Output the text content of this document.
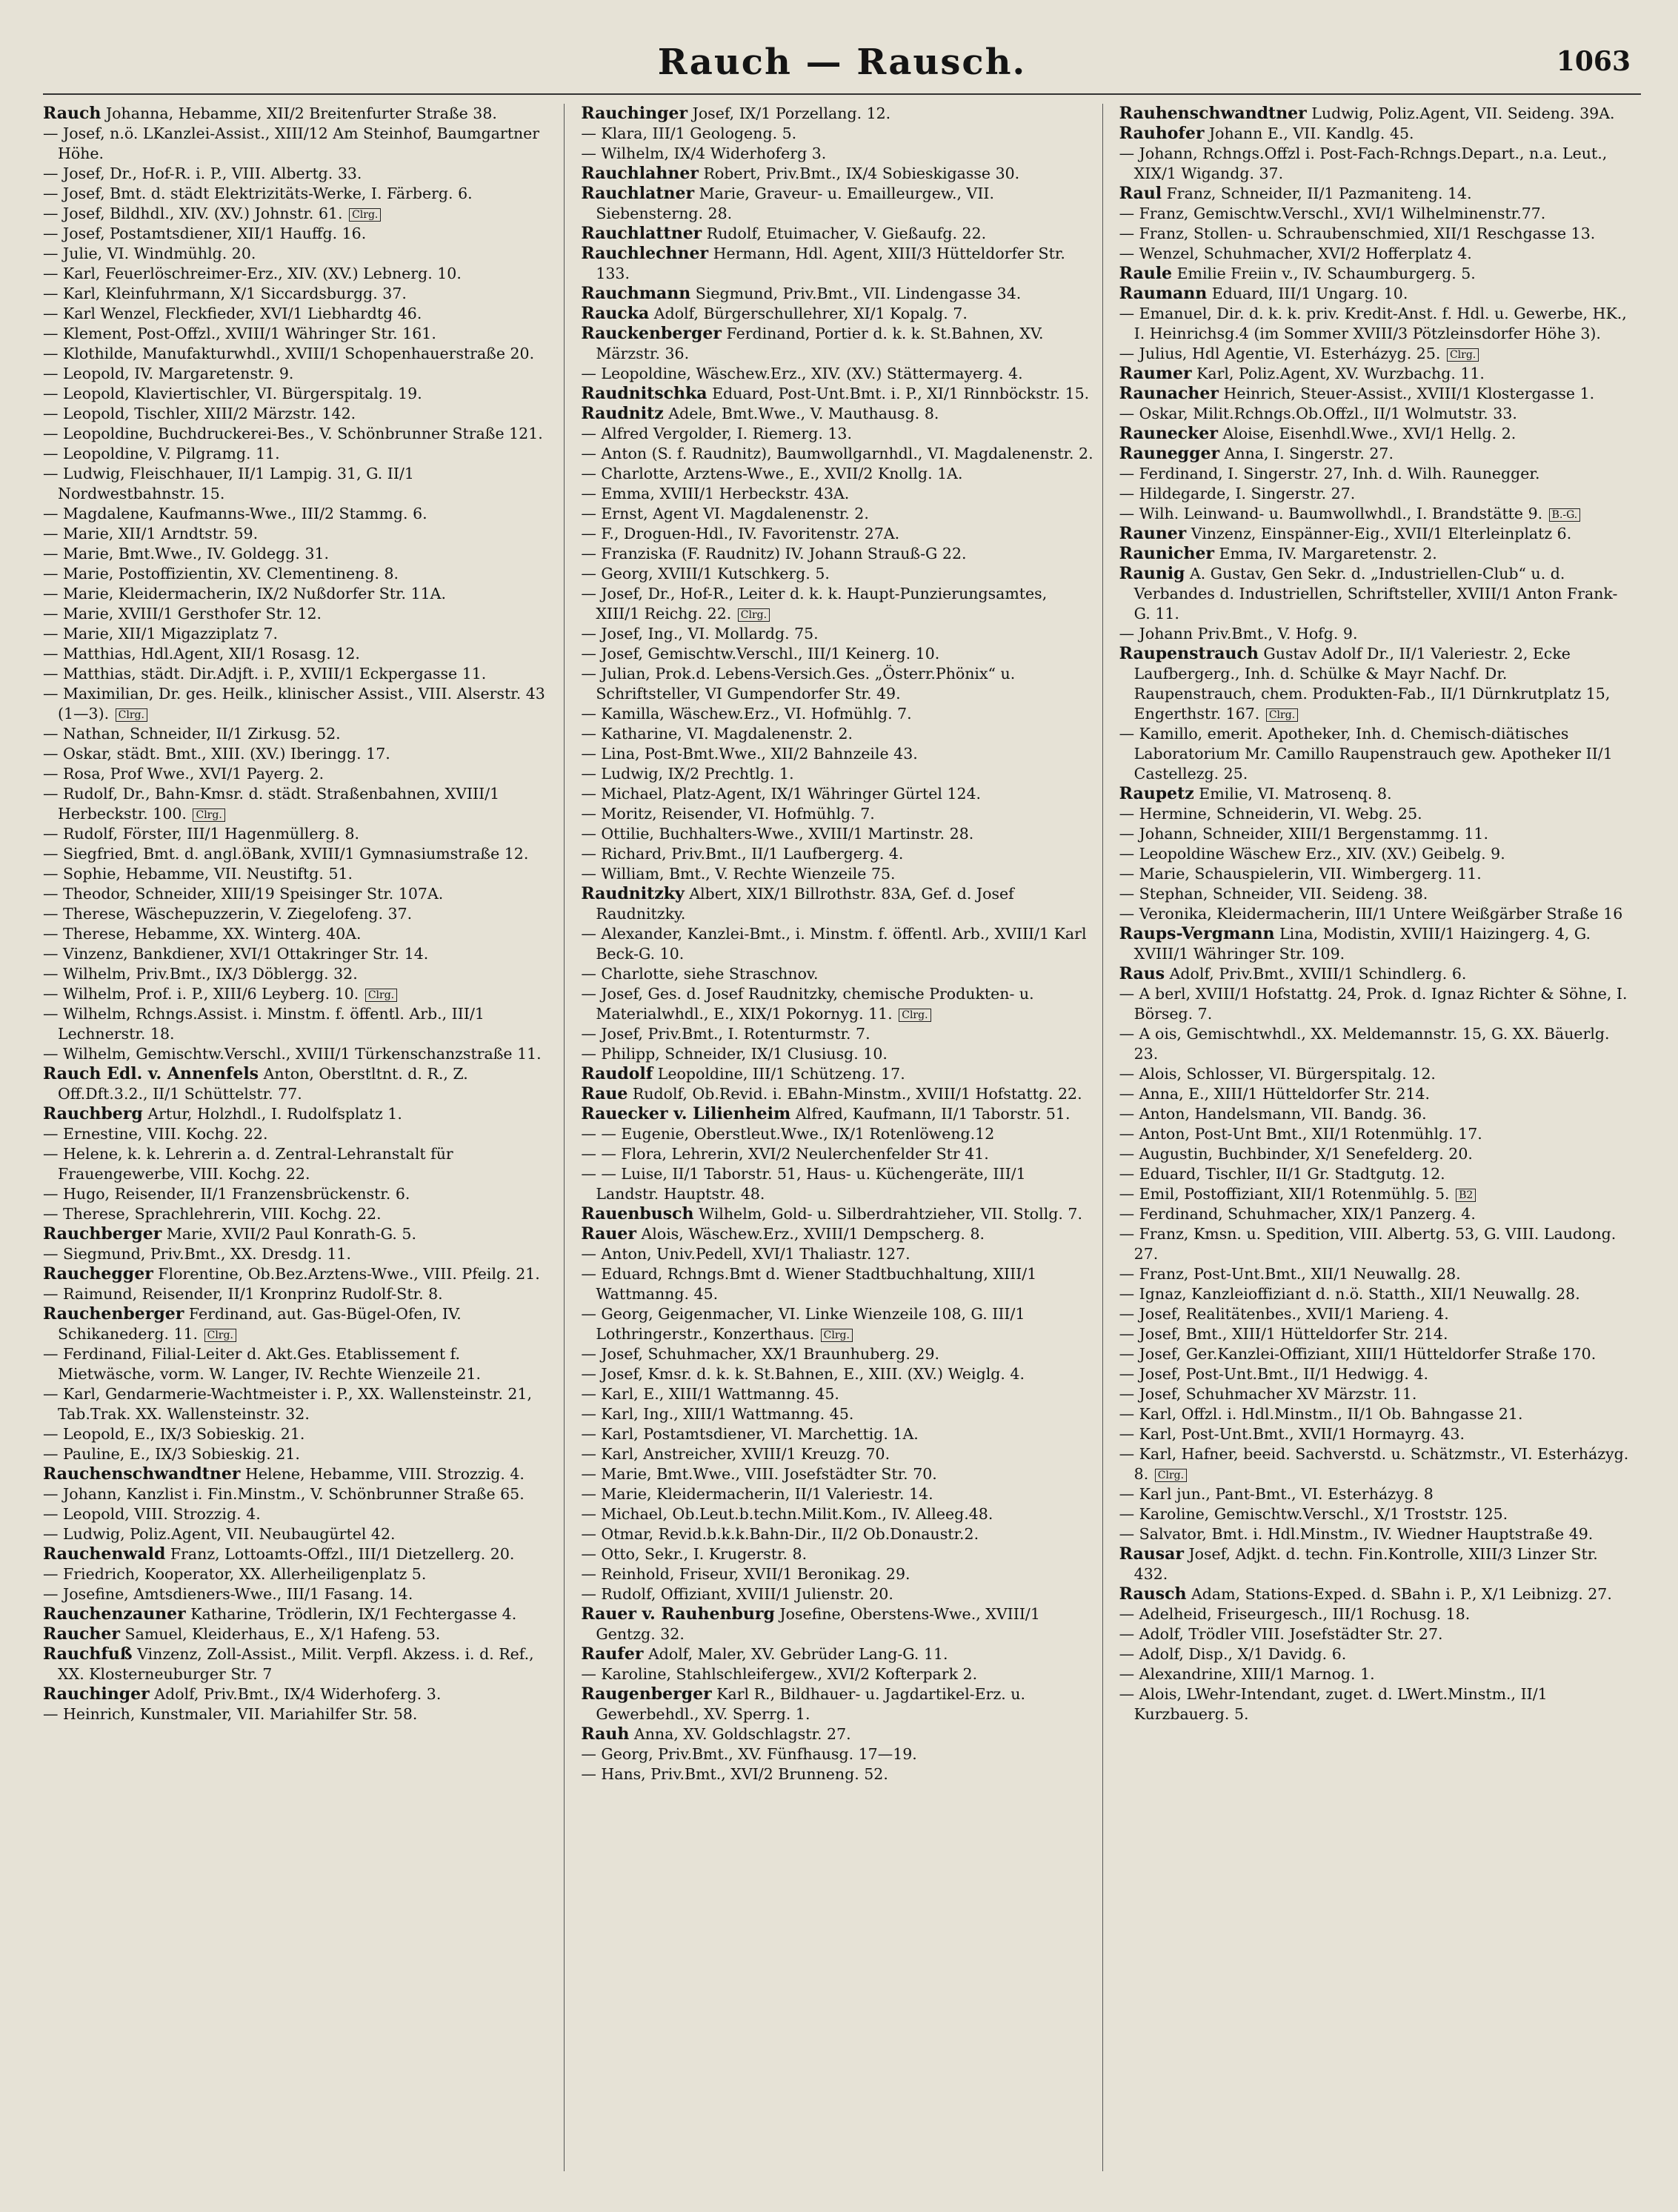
Rauch — Rausch.	1063
Rauch Johanna, Hebamme, XII/2 Breitenfurter Straße 38.
— Josef, n.ö. LKanzlei-Assist., XIII/12 Am Steinhof, Baumgartner Höhe.
— Josef, Dr., Hof-R. i. P., VIII. Albertg. 33.
— Josef, Bmt. d. städt Elektrizitäts-Werke, I. Färberg. 6.
— Josef, Bildhdl., XIV. (XV.) Johnstr. 61. Clrg.
— Josef, Postamtsdiener, XII/1 Hauffg. 16.
— Julie, VI. Windmühlg. 20.
— Karl, Feuerlöschreimer-Erz., XIV. (XV.) Lebnerg. 10.
— Karl, Kleinfuhrmann, X/1 Siccardsburgg. 37.
— Karl Wenzel, Fleckfieder, XVI/1 Liebhardtg 46.
— Klement, Post-Offzl., XVIII/1 Währinger Str. 161.
— Klothilde, Manufakturwhdl., XVIII/1 Schopenhauerstraße 20.
— Leopold, IV. Margaretenstr. 9.
— Leopold, Klaviertischler, VI. Bürgerspitalg. 19.
— Leopold, Tischler, XIII/2 Märzstr. 142.
— Leopoldine, Buchdruckerei-Bes., V. Schönbrunner Straße 121.
— Leopoldine, V. Pilgramg. 11.
— Ludwig, Fleischhauer, II/1 Lampig. 31, G. II/1 Nordwestbahnstr. 15.
— Magdalene, Kaufmanns-Wwe., III/2 Stammg. 6.
— Marie, XII/1 Arndtstr. 59.
— Marie, Bmt.Wwe., IV. Goldegg. 31.
— Marie, Postoffizientin, XV. Clementineng. 8.
— Marie, Kleidermacherin, IX/2 Nußdorfer Str. 11A.
— Marie, XVIII/1 Gersthofer Str. 12.
— Marie, XII/1 Migazziplatz 7.
— Matthias, Hdl.Agent, XII/1 Rosasg. 12.
— Matthias, städt. Dir.Adjft. i. P., XVIII/1 Eckpergasse 11.
— Maximilian, Dr. ges. Heilk., klinischer Assist., VIII. Alserstr. 43 (1—3). Clrg.
— Nathan, Schneider, II/1 Zirkusg. 52.
— Oskar, städt. Bmt., XIII. (XV.) Iberingg. 17.
— Rosa, Prof Wwe., XVI/1 Payerg. 2.
— Rudolf, Dr., Bahn-Kmsr. d. städt. Straßenbahnen, XVIII/1 Herbeckstr. 100. Clrg.
— Rudolf, Förster, III/1 Hagenmüllerg. 8.
— Siegfried, Bmt. d. angl.öBank, XVIII/1 Gymnasiumstraße 12.
— Sophie, Hebamme, VII. Neustiftg. 51.
— Theodor, Schneider, XIII/19 Speisinger Str. 107A.
— Therese, Wäschepuzzerin, V. Ziegelofeng. 37.
— Therese, Hebamme, XX. Winterg. 40A.
— Vinzenz, Bankdiener, XVI/1 Ottakringer Str. 14.
— Wilhelm, Priv.Bmt., IX/3 Döblergg. 32.
— Wilhelm, Prof. i. P., XIII/6 Leyberg. 10. Clrg.
— Wilhelm, Rchngs.Assist. i. Minstm. f. öffentl. Arb., III/1 Lechnerstr. 18.
— Wilhelm, Gemischtw.Verschl., XVIII/1 Türkenschanzstraße 11.
Rauch Edl. v. Annenfels Anton, Oberstltnt. d. R., Z. Off.Dft.3.2., II/1 Schüttelstr. 77.
Rauchberg Artur, Holzhdl., I. Rudolfsplatz 1.
— Ernestine, VIII. Kochg. 22.
— Helene, k. k. Lehrerin a. d. Zentral-Lehranstalt für Frauengewerbe, VIII. Kochg. 22.
— Hugo, Reisender, II/1 Franzensbrückenstr. 6.
— Therese, Sprachlehrerin, VIII. Kochg. 22.
Rauchberger Marie, XVII/2 Paul Konrath-G. 5.
— Siegmund, Priv.Bmt., XX. Dresdg. 11.
Rauchegger Florentine, Ob.Bez.Arztens-Wwe., VIII. Pfeilg. 21.
— Raimund, Reisender, II/1 Kronprinz Rudolf-Str. 8.
Rauchenberger Ferdinand, aut. Gas-Bügel-Ofen, IV. Schikanederg. 11. Clrg.
— Ferdinand, Filial-Leiter d. Akt.Ges. Etablissement f. Mietwäsche, vorm. W. Langer, IV. Rechte Wienzeile 21.
— Karl, Gendarmerie-Wachtmeister i. P., XX. Wallensteinstr. 21, Tab.Trak. XX. Wallensteinstr. 32.
— Leopold, E., IX/3 Sobieskig. 21.
— Pauline, E., IX/3 Sobieskig. 21.
Rauchenschwandtner Helene, Hebamme, VIII. Strozzig. 4.
— Johann, Kanzlist i. Fin.Minstm., V. Schönbrunner Straße 65.
— Leopold, VIII. Strozzig. 4.
— Ludwig, Poliz.Agent, VII. Neubaugürtel 42.
Rauchenwald Franz, Lottoamts-Offzl., III/1 Dietzellerg. 20.
— Friedrich, Kooperator, XX. Allerheiligenplatz 5.
— Josefine, Amtsdieners-Wwe., III/1 Fasang. 14.
Rauchenzauner Katharine, Trödlerin, IX/1 Fechtergasse 4.
Raucher Samuel, Kleiderhaus, E., X/1 Hafeng. 53.
Rauchfuß Vinzenz, Zoll-Assist., Milit. Verpfl. Akzess. i. d. Ref., XX. Klosterneuburger Str. 7
Rauchinger Adolf, Priv.Bmt., IX/4 Widerhoferg. 3.
— Heinrich, Kunstmaler, VII. Mariahilfer Str. 58.
Rauchinger Josef, IX/1 Porzellang. 12.
— Klara, III/1 Geologeng. 5.
— Wilhelm, IX/4 Widerhoferg 3.
Rauchlahner Robert, Priv.Bmt., IX/4 Sobieskigasse 30.
Rauchlatner Marie, Graveur- u. Emailleurgew., VII. Siebensterng. 28.
Rauchlattner Rudolf, Etuimacher, V. Gießaufg. 22.
Rauchlechner Hermann, Hdl. Agent, XIII/3 Hütteldorfer Str. 133.
Rauchmann Siegmund, Priv.Bmt., VII. Lindengasse 34.
Raucka Adolf, Bürgerschullehrer, XI/1 Kopalg. 7.
Rauckenberger Ferdinand, Portier d. k. k. St.Bahnen, XV. Märzstr. 36.
— Leopoldine, Wäschew.Erz., XIV. (XV.) Stättermayerg. 4.
Raudnitschka Eduard, Post-Unt.Bmt. i. P., XI/1 Rinnböckstr. 15.
Raudnitz Adele, Bmt.Wwe., V. Mauthausg. 8.
— Alfred Vergolder, I. Riemerg. 13.
— Anton (S. f. Raudnitz), Baumwollgarnhdl., VI. Magdalenenstr. 2.
— Charlotte, Arztens-Wwe., E., XVII/2 Knollg. 1A.
— Emma, XVIII/1 Herbeckstr. 43A.
— Ernst, Agent VI. Magdalenenstr. 2.
— F., Droguen-Hdl., IV. Favoritenstr. 27A.
— Franziska (F. Raudnitz) IV. Johann Strauß-G 22.
— Georg, XVIII/1 Kutschkerg. 5.
— Josef, Dr., Hof-R., Leiter d. k. k. Haupt-Punzierungsamtes, XIII/1 Reichg. 22. Clrg.
— Josef, Ing., VI. Mollardg. 75.
— Josef, Gemischtw.Verschl., III/1 Keinerg. 10.
— Julian, Prok.d. Lebens-Versich.Ges. „Österr.Phönix“ u. Schriftsteller, VI Gumpendorfer Str. 49.
— Kamilla, Wäschew.Erz., VI. Hofmühlg. 7.
— Katharine, VI. Magdalenenstr. 2.
— Lina, Post-Bmt.Wwe., XII/2 Bahnzeile 43.
— Ludwig, IX/2 Prechtlg. 1.
— Michael, Platz-Agent, IX/1 Währinger Gürtel 124.
— Moritz, Reisender, VI. Hofmühlg. 7.
— Ottilie, Buchhalters-Wwe., XVIII/1 Martinstr. 28.
— Richard, Priv.Bmt., II/1 Laufbergerg. 4.
— William, Bmt., V. Rechte Wienzeile 75.
Raudnitzky Albert, XIX/1 Billrothstr. 83A, Gef. d. Josef Raudnitzky.
— Alexander, Kanzlei-Bmt., i. Minstm. f. öffentl. Arb., XVIII/1 Karl Beck-G. 10.
— Charlotte, siehe Straschnov.
— Josef, Ges. d. Josef Raudnitzky, chemische Produkten- u. Materialwhdl., E., XIX/1 Pokornyg. 11. Clrg.
— Josef, Priv.Bmt., I. Rotenturmstr. 7.
— Philipp, Schneider, IX/1 Clusiusg. 10.
Raudolf Leopoldine, III/1 Schützeng. 17.
Raue Rudolf, Ob.Revid. i. EBahn-Minstm., XVIII/1 Hofstattg. 22.
Rauecker v. Lilienheim Alfred, Kaufmann, II/1 Taborstr. 51.
— — Eugenie, Oberstleut.Wwe., IX/1 Rotenlöweng.12
— — Flora, Lehrerin, XVI/2 Neulerchenfelder Str 41.
— — Luise, II/1 Taborstr. 51, Haus- u. Küchengeräte, III/1 Landstr. Hauptstr. 48.
Rauenbusch Wilhelm, Gold- u. Silberdrahtzieher, VII. Stollg. 7.
Rauer Alois, Wäschew.Erz., XVIII/1 Dempscherg. 8.
— Anton, Univ.Pedell, XVI/1 Thaliastr. 127.
— Eduard, Rchngs.Bmt d. Wiener Stadtbuchhaltung, XIII/1 Wattmanng. 45.
— Georg, Geigenmacher, VI. Linke Wienzeile 108, G. III/1 Lothringerstr., Konzerthaus. Clrg.
— Josef, Schuhmacher, XX/1 Braunhuberg. 29.
— Josef, Kmsr. d. k. k. St.Bahnen, E., XIII. (XV.) Weiglg. 4.
— Karl, E., XIII/1 Wattmanng. 45.
— Karl, Ing., XIII/1 Wattmanng. 45.
— Karl, Postamtsdiener, VI. Marchettig. 1A.
— Karl, Anstreicher, XVIII/1 Kreuzg. 70.
— Marie, Bmt.Wwe., VIII. Josefstädter Str. 70.
— Marie, Kleidermacherin, II/1 Valeriestr. 14.
— Michael, Ob.Leut.b.techn.Milit.Kom., IV. Alleeg.48.
— Otmar, Revid.b.k.k.Bahn-Dir., II/2 Ob.Donaustr.2.
— Otto, Sekr., I. Krugerstr. 8.
— Reinhold, Friseur, XVII/1 Beronikag. 29.
— Rudolf, Offiziant, XVIII/1 Julienstr. 20.
Rauer v. Rauhenburg Josefine, Oberstens-Wwe., XVIII/1 Gentzg. 32.
Raufer Adolf, Maler, XV. Gebrüder Lang-G. 11.
— Karoline, Stahlschleifergew., XVI/2 Kofterpark 2.
Raugenberger Karl R., Bildhauer- u. Jagdartikel-Erz. u. Gewerbehdl., XV. Sperrg. 1.
Rauh Anna, XV. Goldschlagstr. 27.
— Georg, Priv.Bmt., XV. Fünfhausg. 17—19.
— Hans, Priv.Bmt., XVI/2 Brunneng. 52.
Rauhenschwandtner Ludwig, Poliz.Agent, VII. Seideng. 39A.
Rauhofer Johann E., VII. Kandlg. 45.
— Johann, Rchngs.Offzl i. Post-Fach-Rchngs.Depart., n.a. Leut., XIX/1 Wigandg. 37.
Raul Franz, Schneider, II/1 Pazmaniteng. 14.
— Franz, Gemischtw.Verschl., XVI/1 Wilhelminenstr.77.
— Franz, Stollen- u. Schraubenschmied, XII/1 Reschgasse 13.
— Wenzel, Schuhmacher, XVI/2 Hofferplatz 4.
Raule Emilie Freiin v., IV. Schaumburgerg. 5.
Raumann Eduard, III/1 Ungarg. 10.
— Emanuel, Dir. d. k. k. priv. Kredit-Anst. f. Hdl. u. Gewerbe, HK., I. Heinrichsg.4 (im Sommer XVIII/3 Pötzleinsdorfer Höhe 3).
— Julius, Hdl Agentie, VI. Esterházyg. 25. Clrg.
Raumer Karl, Poliz.Agent, XV. Wurzbachg. 11.
Raunacher Heinrich, Steuer-Assist., XVIII/1 Klostergasse 1.
— Oskar, Milit.Rchngs.Ob.Offzl., II/1 Wolmutstr. 33.
Raunecker Aloise, Eisenhdl.Wwe., XVI/1 Hellg. 2.
Raunegger Anna, I. Singerstr. 27.
— Ferdinand, I. Singerstr. 27, Inh. d. Wilh. Raunegger.
— Hildegarde, I. Singerstr. 27.
— Wilh. Leinwand- u. Baumwollwhdl., I. Brandstätte 9. B.-G.
Rauner Vinzenz, Einspänner-Eig., XVII/1 Elterleinplatz 6.
Raunicher Emma, IV. Margaretenstr. 2.
Raunig A. Gustav, Gen Sekr. d. „Industriellen-Club“ u. d. Verbandes d. Industriellen, Schriftsteller, XVIII/1 Anton Frank-G. 11.
— Johann Priv.Bmt., V. Hofg. 9.
Raupenstrauch Gustav Adolf Dr., II/1 Valeriestr. 2, Ecke Laufbergerg., Inh. d. Schülke & Mayr Nachf. Dr. Raupenstrauch, chem. Produkten-Fab., II/1 Dürnkrutplatz 15, Engerthstr. 167. Clrg.
— Kamillo, emerit. Apotheker, Inh. d. Chemisch-diätisches Laboratorium Mr. Camillo Raupenstrauch gew. Apotheker II/1 Castellezg. 25.
Raupetz Emilie, VI. Matrosenq. 8.
— Hermine, Schneiderin, VI. Webg. 25.
— Johann, Schneider, XIII/1 Bergenstammg. 11.
— Leopoldine Wäschew Erz., XIV. (XV.) Geibelg. 9.
— Marie, Schauspielerin, VII. Wimbergerg. 11.
— Stephan, Schneider, VII. Seideng. 38.
— Veronika, Kleidermacherin, III/1 Untere Weißgärber Straße 16
Raups-Vergmann Lina, Modistin, XVIII/1 Haizingerg. 4, G. XVIII/1 Währinger Str. 109.
Raus Adolf, Priv.Bmt., XVIII/1 Schindlerg. 6.
— A berl, XVIII/1 Hofstattg. 24, Prok. d. Ignaz Richter & Söhne, I. Börseg. 7.
— A ois, Gemischtwhdl., XX. Meldemannstr. 15, G. XX. Bäuerlg. 23.
— Alois, Schlosser, VI. Bürgerspitalg. 12.
— Anna, E., XIII/1 Hütteldorfer Str. 214.
— Anton, Handelsmann, VII. Bandg. 36.
— Anton, Post-Unt Bmt., XII/1 Rotenmühlg. 17.
— Augustin, Buchbinder, X/1 Senefelderg. 20.
— Eduard, Tischler, II/1 Gr. Stadtgutg. 12.
— Emil, Postoffiziant, XII/1 Rotenmühlg. 5. B2
— Ferdinand, Schuhmacher, XIX/1 Panzerg. 4.
— Franz, Kmsn. u. Spedition, VIII. Albertg. 53, G. VIII. Laudong. 27.
— Franz, Post-Unt.Bmt., XII/1 Neuwallg. 28.
— Ignaz, Kanzleioffiziant d. n.ö. Statth., XII/1 Neuwallg. 28.
— Josef, Realitätenbes., XVII/1 Marieng. 4.
— Josef, Bmt., XIII/1 Hütteldorfer Str. 214.
— Josef, Ger.Kanzlei-Offiziant, XIII/1 Hütteldorfer Straße 170.
— Josef, Post-Unt.Bmt., II/1 Hedwigg. 4.
— Josef, Schuhmacher XV Märzstr. 11.
— Karl, Offzl. i. Hdl.Minstm., II/1 Ob. Bahngasse 21.
— Karl, Post-Unt.Bmt., XVII/1 Hormayrg. 43.
— Karl, Hafner, beeid. Sachverstd. u. Schätzmstr., VI. Esterházyg. 8. Clrg.
— Karl jun., Pant-Bmt., VI. Esterházyg. 8
— Karoline, Gemischtw.Verschl., X/1 Troststr. 125.
— Salvator, Bmt. i. Hdl.Minstm., IV. Wiedner Hauptstraße 49.
Rausar Josef, Adjkt. d. techn. Fin.Kontrolle, XIII/3 Linzer Str. 432.
Rausch Adam, Stations-Exped. d. SBahn i. P., X/1 Leibnizg. 27.
— Adelheid, Friseurgesch., III/1 Rochusg. 18.
— Adolf, Trödler VIII. Josefstädter Str. 27.
— Adolf, Disp., X/1 Davidg. 6.
— Alexandrine, XIII/1 Marnog. 1.
— Alois, LWehr-Intendant, zuget. d. LWert.Minstm., II/1 Kurzbauerg. 5.
